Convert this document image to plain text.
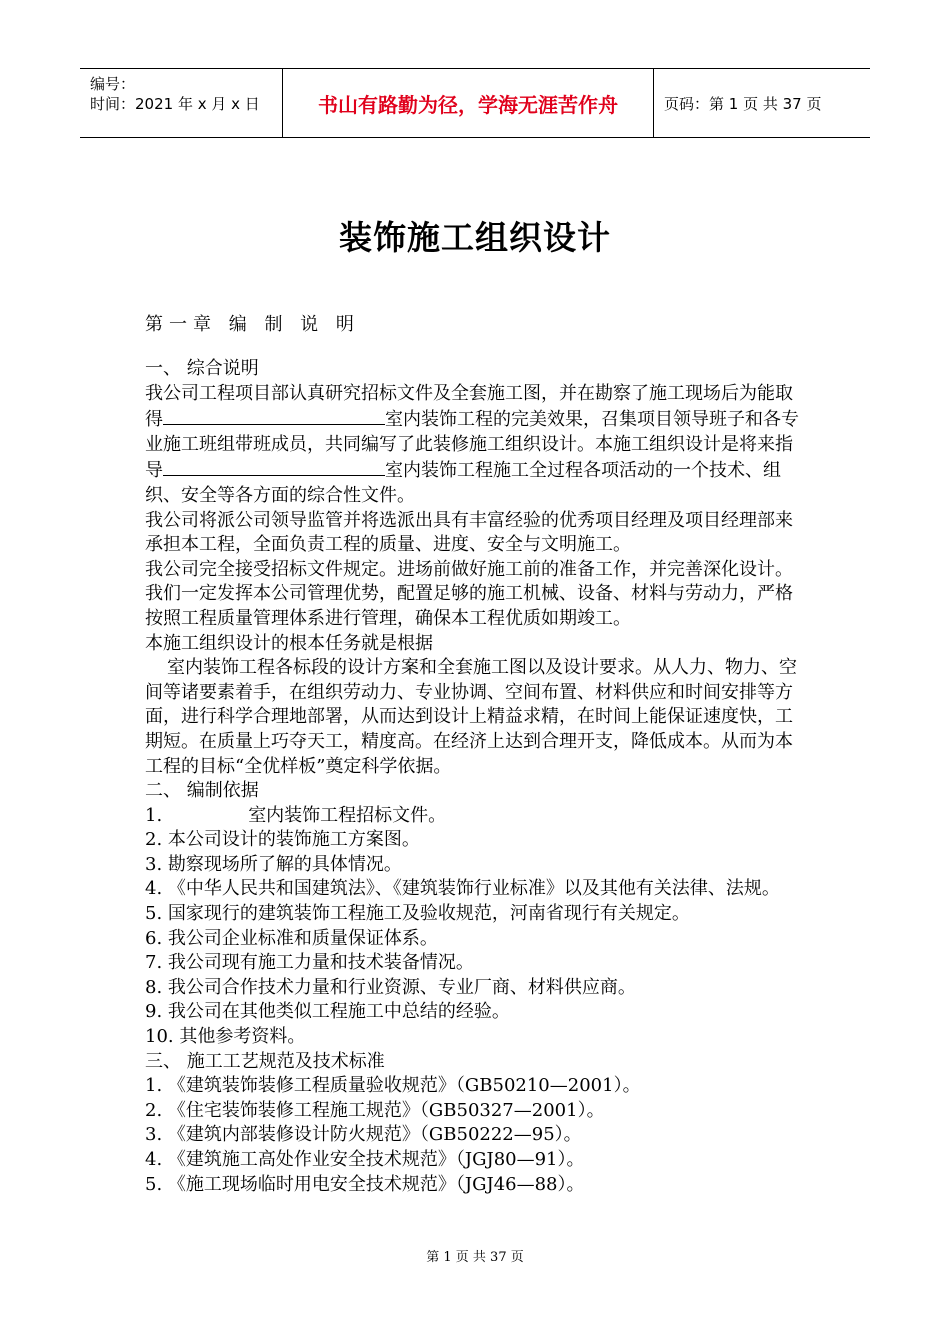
编号：
时间：2021 年 x 月 x 日	书山有路勤为径，学海无涯苦作舟	页码：第 1 页 共 37 页
装饰施工组织设计
第一章 编 制 说 明

一、 综合说明

我公司工程项目部认真研究招标文件及全套施工图，并在勘察了施工现场后为能取得	室内装饰工程的完美效果，召集项目领导班子和各专业施工班组带班成员，共同编写了此装修施工组织设计。本施工组织设计是将来指导	室内装饰工程施工全过程各项活动的一个技术、组织、安全等各方面的综合性文件。

我公司将派公司领导监管并将选派出具有丰富经验的优秀项目经理及项目经理部来承担本工程，全面负责工程的质量、进度、安全与文明施工。

我公司完全接受招标文件规定。进场前做好施工前的准备工作，并完善深化设计。我们一定发挥本公司管理优势，配置足够的施工机械、设备、材料与劳动力，严格按照工程质量管理体系进行管理，确保本工程优质如期竣工。

本施工组织设计的根本任务就是根据

室内装饰工程各标段的设计方案和全套施工图以及设计要求。从人力、物力、空间等诸要素着手，在组织劳动力、专业协调、空间布置、材料供应和时间安排等方面，进行科学合理地部署，从而达到设计上精益求精，在时间上能保证速度快，工期短。在质量上巧夺天工，精度高。在经济上达到合理开支，降低成本。从而为本工程的目标“全优样板”奠定科学依据。

二、 编制依据

1.	室内装饰工程招标文件。

2. 本公司设计的装饰施工方案图。

3. 勘察现场所了解的具体情况。

4. 《中华人民共和国建筑法》、《建筑装饰行业标准》以及其他有关法律、法规。

5. 国家现行的建筑装饰工程施工及验收规范，河南省现行有关规定。

6. 我公司企业标准和质量保证体系。

7. 我公司现有施工力量和技术装备情况。

8. 我公司合作技术力量和行业资源、专业厂商、材料供应商。

9. 我公司在其他类似工程施工中总结的经验。

10. 其他参考资料。

三、 施工工艺规范及技术标准

1. 《建筑装饰装修工程质量验收规范》（GB50210—2001）。

2. 《住宅装饰装修工程施工规范》（GB50327—2001）。

3. 《建筑内部装修设计防火规范》（GB50222—95）。

4. 《建筑施工高处作业安全技术规范》（JGJ80—91）。

5. 《施工现场临时用电安全技术规范》（JGJ46—88）。

第 1 页 共 37 页
